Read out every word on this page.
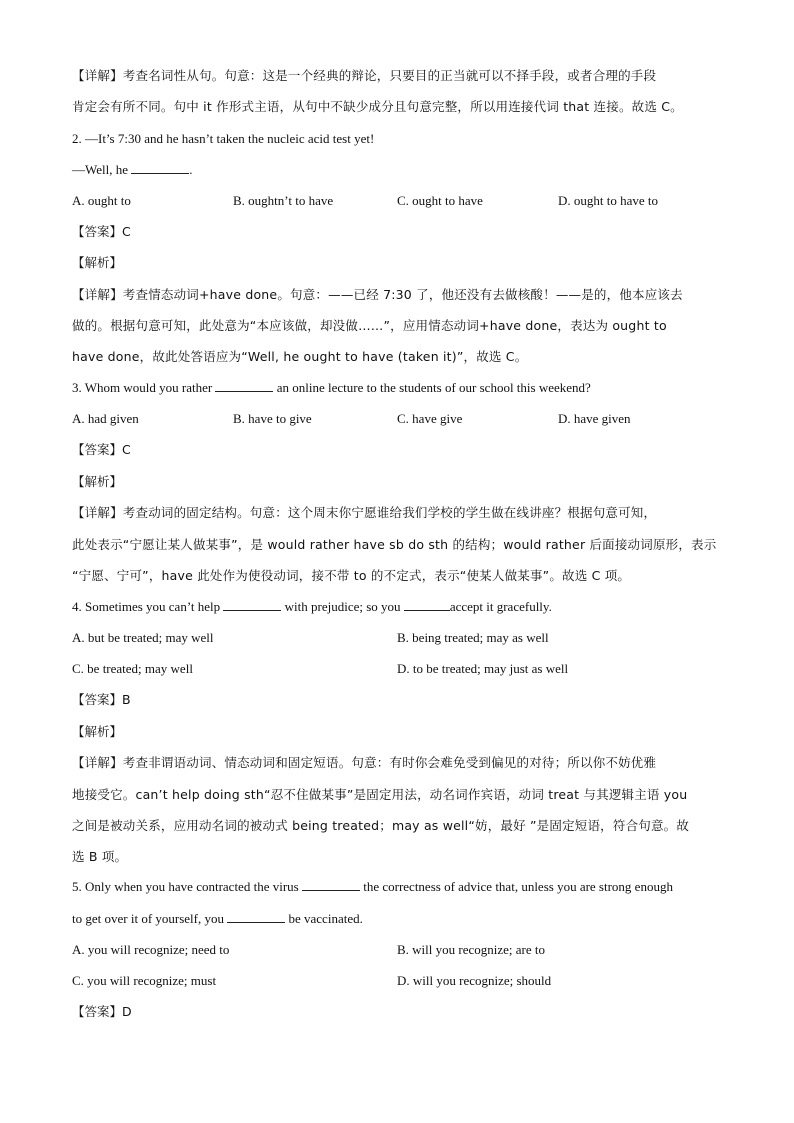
【详解】考查名词性从句。句意：这是一个经典的辩论，只要目的正当就可以不择手段，或者合理的手段
肯定会有所不同。句中 it 作形式主语，从句中不缺少成分且句意完整，所以用连接代词 that 连接。故选 C。
2. —It’s 7:30 and he hasn’t taken the nucleic acid test yet!
—Well, he	.
A. ought to	B. oughtn’t to have	C. ought to have	D. ought to have to
【答案】C
【解析】
【详解】考查情态动词+have done。句意：——已经 7:30 了，他还没有去做核酸！——是的，他本应该去
做的。根据句意可知，此处意为“本应该做，却没做……”，应用情态动词+have done，表达为 ought to
have done，故此处答语应为“Well, he ought to have (taken it)”，故选 C。
3. Whom would you rather	an online lecture to the students of our school this weekend?
A. had given	B. have to give	C. have give	D. have given
【答案】C
【解析】
【详解】考查动词的固定结构。句意：这个周末你宁愿谁给我们学校的学生做在线讲座？根据句意可知，
此处表示“宁愿让某人做某事”，是 would rather have sb do sth 的结构；would rather 后面接动词原形，表示
“宁愿、宁可”，have 此处作为使役动词，接不带 to 的不定式，表示“使某人做某事”。故选 C 项。
4. Sometimes you can’t help	with prejudice; so you	accept it gracefully.
A. but be treated; may well	B. being treated; may as well
C. be treated; may well	D. to be treated; may just as well
【答案】B
【解析】
【详解】考查非谓语动词、情态动词和固定短语。句意：有时你会难免受到偏见的对待；所以你不妨优雅
地接受它。can’t help doing sth“忍不住做某事”是固定用法，动名词作宾语，动词 treat 与其逻辑主语 you
之间是被动关系，应用动名词的被动式 being treated；may as well“妨，最好 ”是固定短语，符合句意。故
选 B 项。
5. Only when you have contracted the virus	the correctness of advice that, unless you are strong enough
to get over it of yourself, you	be vaccinated.
A. you will recognize; need to	B. will you recognize; are to
C. you will recognize; must	D. will you recognize; should
【答案】D
